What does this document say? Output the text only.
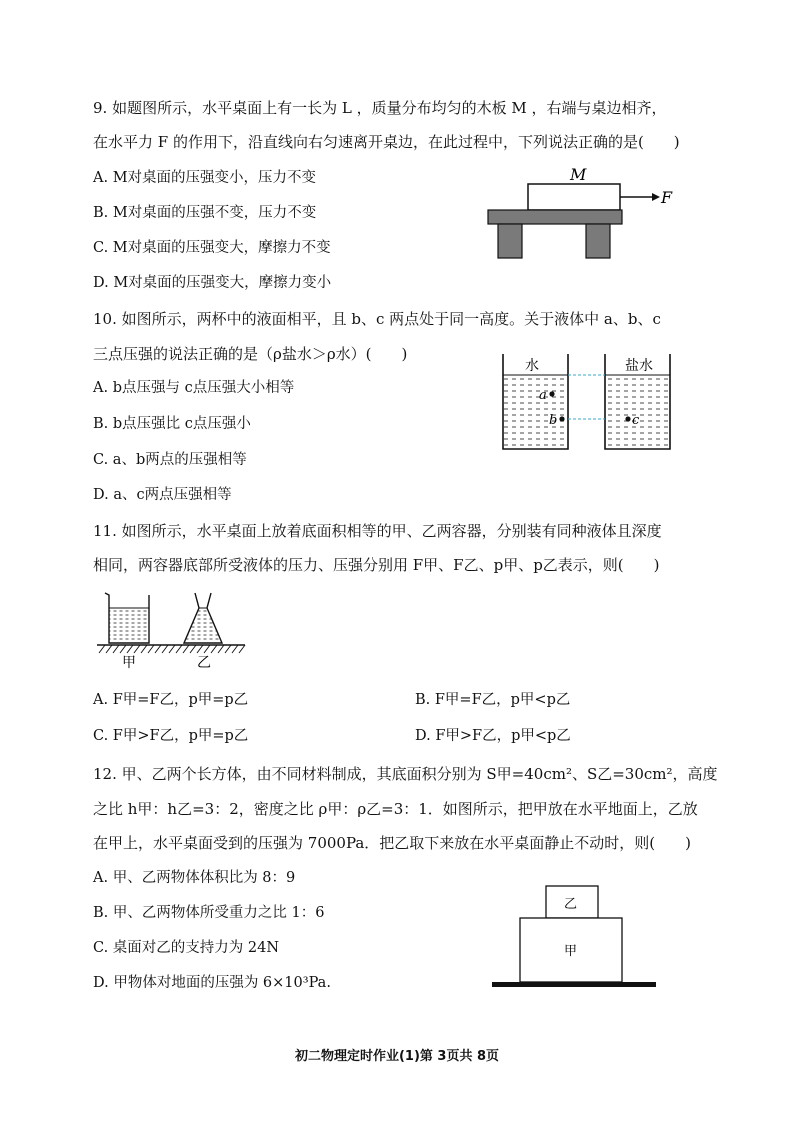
9. 如题图所示，水平桌面上有一长为 L ，质量分布均匀的木板 M ，右端与桌边相齐，
在水平力 F 的作用下，沿直线向右匀速离开桌边，在此过程中，下列说法正确的是(　　)
A. M对桌面的压强变小，压力不变
B. M对桌面的压强不变，压力不变
C. M对桌面的压强变大，摩擦力不变
D. M对桌面的压强变大，摩擦力变小
M
F
10. 如图所示，两杯中的液面相平，且 b、c 两点处于同一高度。关于液体中 a、b、c
三点压强的说法正确的是（ρ盐水＞ρ水）(　　)
A. b点压强与 c点压强大小相等
B. b点压强比 c点压强小
C. a、b两点的压强相等
D. a、c两点压强相等
水	盐水
a
b	c
11. 如图所示，水平桌面上放着底面积相等的甲、乙两容器，分别装有同种液体且深度
相同，两容器底部所受液体的压力、压强分别用 F甲、F乙、p甲、p乙表示，则(　　)
甲	乙
A. F甲=F乙，p甲=p乙	B. F甲=F乙，p甲<p乙
C. F甲>F乙，p甲=p乙	D. F甲>F乙，p甲<p乙
12. 甲、乙两个长方体，由不同材料制成，其底面积分别为 S甲=40cm²、S乙=30cm²，高度
之比 h甲：h乙=3：2，密度之比 ρ甲：ρ乙=3：1．如图所示，把甲放在水平地面上，乙放
在甲上，水平桌面受到的压强为 7000Pa．把乙取下来放在水平桌面静止不动时，则(　　)
A. 甲、乙两物体体积比为 8：9
B. 甲、乙两物体所受重力之比 1：6
C. 桌面对乙的支持力为 24N
D. 甲物体对地面的压强为 6×10³Pa.
乙
甲
初二物理定时作业(1)第 3页共 8页
